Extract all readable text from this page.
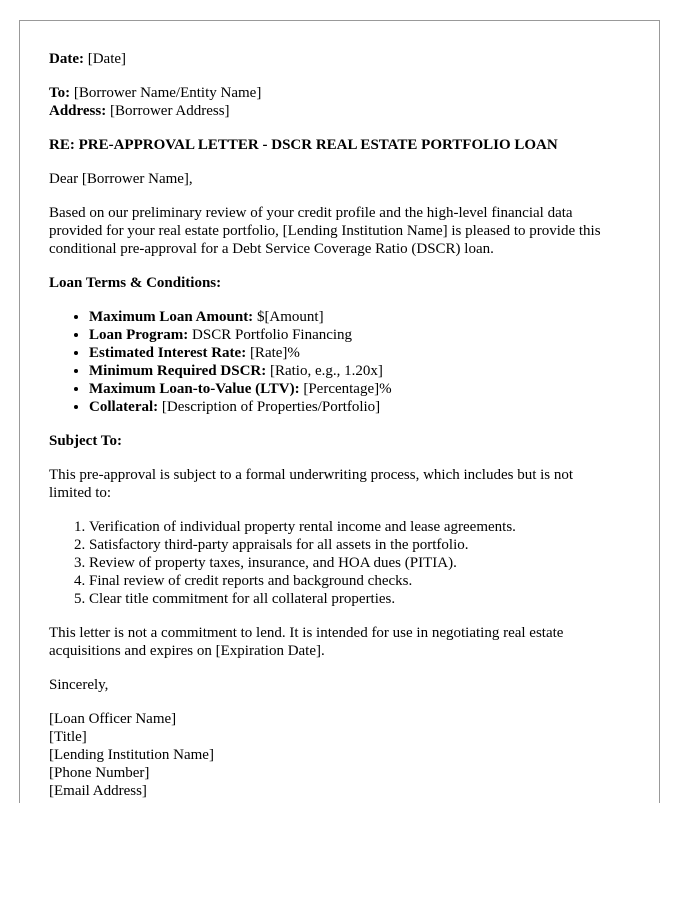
Date: [Date]

To: [Borrower Name/Entity Name]
Address: [Borrower Address]

RE: PRE-APPROVAL LETTER - DSCR REAL ESTATE PORTFOLIO LOAN

Dear [Borrower Name],

Based on our preliminary review of your credit profile and the high-level financial data provided for your real estate portfolio, [Lending Institution Name] is pleased to provide this conditional pre-approval for a Debt Service Coverage Ratio (DSCR) loan.

Loan Terms & Conditions:

• Maximum Loan Amount: $[Amount]
• Loan Program: DSCR Portfolio Financing
• Estimated Interest Rate: [Rate]%
• Minimum Required DSCR: [Ratio, e.g., 1.20x]
• Maximum Loan-to-Value (LTV): [Percentage]%
• Collateral: [Description of Properties/Portfolio]

Subject To:

This pre-approval is subject to a formal underwriting process, which includes but is not limited to:

1. Verification of individual property rental income and lease agreements.
2. Satisfactory third-party appraisals for all assets in the portfolio.
3. Review of property taxes, insurance, and HOA dues (PITIA).
4. Final review of credit reports and background checks.
5. Clear title commitment for all collateral properties.

This letter is not a commitment to lend. It is intended for use in negotiating real estate acquisitions and expires on [Expiration Date].

Sincerely,

[Loan Officer Name]

[Title]

[Lending Institution Name]

[Phone Number]

[Email Address]
